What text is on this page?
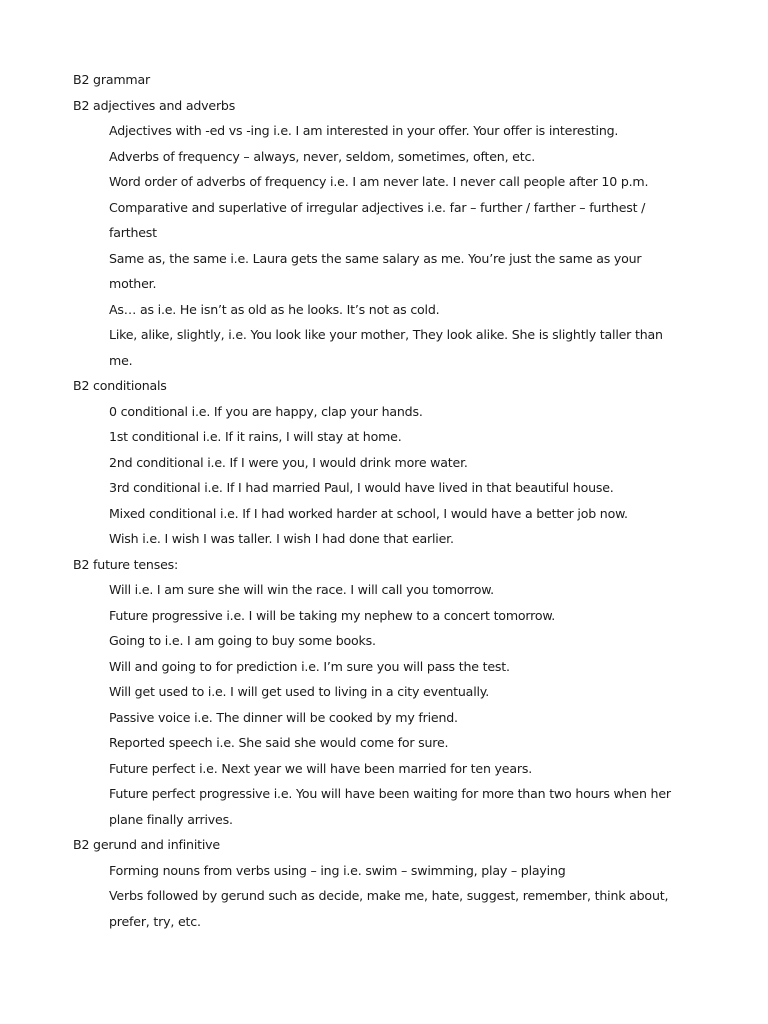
B2 grammar
B2 adjectives and adverbs
Adjectives with -ed vs -ing i.e. I am interested in your offer. Your offer is interesting.
Adverbs of frequency – always, never, seldom, sometimes, often, etc.
Word order of adverbs of frequency i.e. I am never late. I never call people after 10 p.m.
Comparative and superlative of irregular adjectives i.e. far – further / farther – furthest /
farthest
Same as, the same i.e. Laura gets the same salary as me. You’re just the same as your
mother.
As… as i.e. He isn’t as old as he looks. It’s not as cold.
Like, alike, slightly, i.e. You look like your mother, They look alike. She is slightly taller than
me.
B2 conditionals
0 conditional i.e. If you are happy, clap your hands.
1st conditional i.e. If it rains, I will stay at home.
2nd conditional i.e. If I were you, I would drink more water.
3rd conditional i.e. If I had married Paul, I would have lived in that beautiful house.
Mixed conditional i.e. If I had worked harder at school, I would have a better job now.
Wish i.e. I wish I was taller. I wish I had done that earlier.
B2 future tenses:
Will i.e. I am sure she will win the race. I will call you tomorrow.
Future progressive i.e. I will be taking my nephew to a concert tomorrow.
Going to i.e. I am going to buy some books.
Will and going to for prediction i.e. I’m sure you will pass the test.
Will get used to i.e. I will get used to living in a city eventually.
Passive voice i.e. The dinner will be cooked by my friend.
Reported speech i.e. She said she would come for sure.
Future perfect i.e. Next year we will have been married for ten years.
Future perfect progressive i.e. You will have been waiting for more than two hours when her
plane finally arrives.
B2 gerund and infinitive
Forming nouns from verbs using – ing i.e. swim – swimming, play – playing
Verbs followed by gerund such as decide, make me, hate, suggest, remember, think about,
prefer, try, etc.
